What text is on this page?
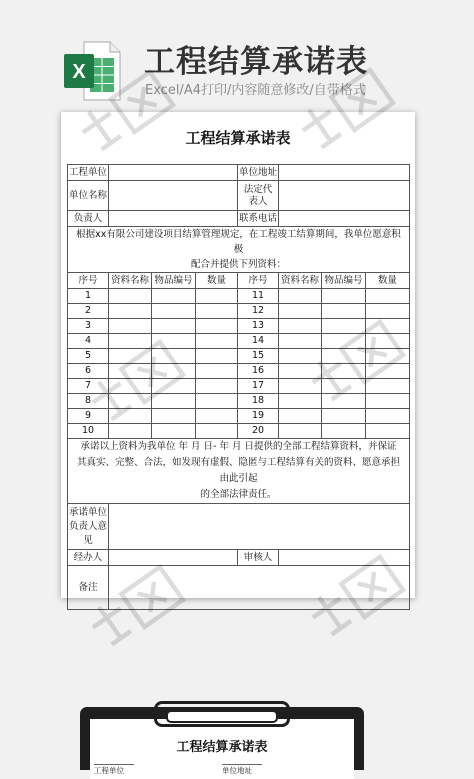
X 工程结算承诺表
Excel/A4打印/内容随意修改/自带格式
工程结算承诺表
工程单位				单位地址			
单位名称				法定代表人			
负责人				联系电话			

根据xx有限公司建设项目结算管理规定，在工程竣工结算期间，我单位愿意积极
配合并提供下列资料：							

序号	资料名称	物品编号	数量	序号	资料名称	物品编号	数量
1				11			
2				12			
3				13			
4				14			
5				15			
6				16			
7				17			
8				18			
9				19			
10				20			

承诺以上资料为我单位 年 月 日- 年 月 日提供的全部工程结算资料，并保证
其真实、完整、合法，如发现有虚假、隐匿与工程结算有关的资料、愿意承担由此引起
的全部法律责任。							

承诺单位负责人意见							
经办人				审核人			
备注							
工程结算承诺表
工程单位	单位地址
